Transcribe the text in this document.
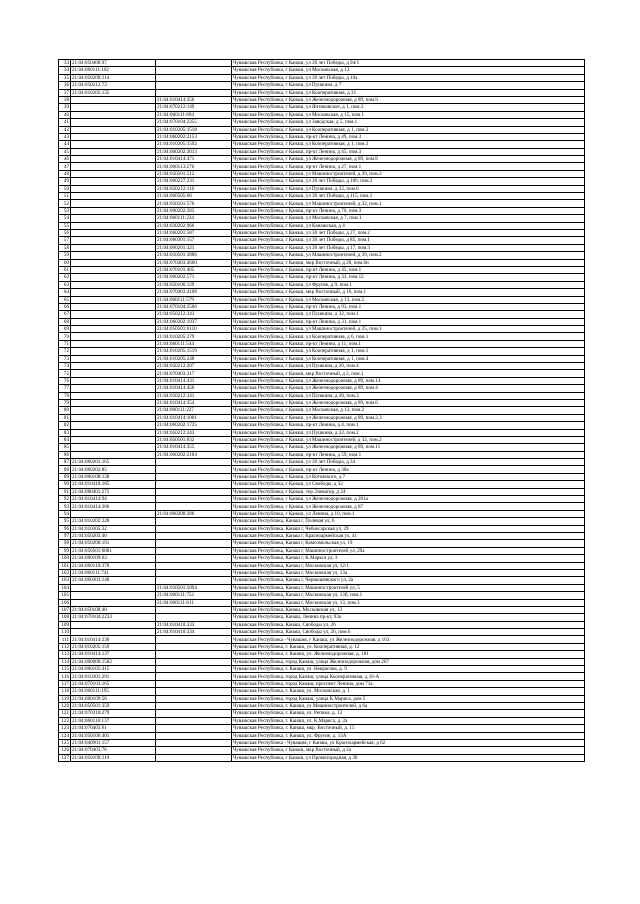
33	21:04:050408:97		Чувашская Республика, г Канаш, ул 30 лет Победы, д 94/1
34	21:04:060111:102		Чувашская Республика, г Канаш, ул Московская, д 13
35	21:04:050209:114		Чувашская Республика, г Канаш, ул 30 лет Победы, д 10а
36	21:04:050212:73		Чувашская Республика, г Канаш, ул Пушкина, д 7
37	21:04:010205:135		Чувашская Республика, г Канаш, ул Кооперативная, д 31
38		21:04:010414:356	Чувашская Республика, г Канаш, ул Железнодорожная, д 89, пом.9
39		21:04:070212:149	Чувашская Республика, г Канаш, ул Янтиковское, д 1, пом.3
40		21:04:060111:604	Чувашская Республика, г Канаш, ул Московская, д 15, пом.1
41		21:04:070104:2355	Чувашская Республика, г Канаш, ул Заводская, д 5, пом.1
42		21:04:010205:1518	Чувашская Республика, г Канаш, ул Кооперативная, д 1, пом.2
43		21:04:060202:2153	Чувашская Республика, г Канаш, пр-кт Ленина, д 49, пом.3
44		21:04:010205:1592	Чувашская Республика, г Канаш, ул Кооперативная, д 1, пом.3
45		21:04:060202:3013	Чувашская Республика, г Канаш, пр-кт Ленина, д 45, пом.3
46		21:04:010414:471	Чувашская Республика, г Канаш, ул Железнодорожная, д 89, пом.8
47		21:04:060113:276	Чувашская Республика, г Канаш, пр-кт Ленина, д 27, пом.1
48		21:04:050501:512	Чувашская Республика, г Канаш, ул Машиностроителей, д 39, пом.3
49		21:04:060227:231	Чувашская Республика, г Канаш, ул 30 лет Победы, д 106, пом.2
50		21:04:050212:116	Чувашская Республика, г Канаш, ул Пушкина, д 32, пом.6
51		21:04:060505:66	Чувашская Республика, г Канаш, ул 30 лет Победы, д 115, пом.1
52		21:04:050501:576	Чувашская Республика, г Канаш, ул Машиностроителей, д 32, пом.1
53		21:04:060202:283	Чувашская Республика, г Канаш, пр-кт Ленина, д 70, пом.3
54		21:04:060111:234	Чувашская Республика, г Канаш, ул Московская, д 7, пом.1
55		21:04:030202:966	Чувашская Республика, г Канаш, ул Канашская, д 4
56		21:04:060201:587	Чувашская Республика, г Канаш, ул 30 лет Победы, д 27, пом.2
57		21:04:060301:157	Чувашская Республика, г Канаш, ул 30 лет Победы, д 85, пом.1
58		21:04:060201:321	Чувашская Республика, г Канаш, ул 30 лет Победы, д 17, пом.3
59		21:04:050501:3886	Чувашская Республика, г Канаш, ул Машиностроителей, д 39, пом.2
60		21:04:070403:2660	Чувашская Республика, г Канаш, мкр Восточный, д 28, пом.6н
61		21:04:070101:405	Чувашская Республика, г Канаш, пр-кт Ленина, д 45, пом.1
62		21:04:060202:571	Чувашская Республика, г Канаш, пр-кт Ленина, д 33, пом.12
63		21:04:050106:129	Чувашская Республика, г Канаш, ул Фрунзе, д 9, пом.1
64		21:04:070403:4108	Чувашская Республика, г Канаш, мкр Восточный, д 16, пом.1
65		21:04:060111:579	Чувашская Республика, г Канаш, ул Московская, д 13, пом.2
66		21:04:070104:2506	Чувашская Республика, г Канаш, пр-кт Ленина, д 93, пом.1
67		21:04:050212:343	Чувашская Республика, г Канаш, ул Пушкина, д 32, пом.1
68		21:04:060202:1937	Чувашская Республика, г Канаш, пр-кт Ленина, д 31, пом.1
69		21:04:050501:6110	Чувашская Республика, г Канаш, ул Машиностроителей, д 25, пом.1
70		21:04:010205:279	Чувашская Республика, г Канаш, ул Кооперативная, д 6, пом.1
71		21:04:060111:544	Чувашская Республика, г Канаш, пр-кт Ленина, д 11, пом.1
72		21:04:010205:1519	Чувашская Республика, г Канаш, ул Кооперативная, д 1, пом.1
73		21:04:010205:248	Чувашская Республика, г Канаш, ул Кооперативная, д 1, пом.4
74		21:04:050212:207	Чувашская Республика, г Канаш, ул Пушкина, д 30, пом.4
75		21:04:070403:317	Чувашская Республика, г Канаш, мкр Восточный, д 2, пом.1
76		21:04:010414:431	Чувашская Республика, г Канаш, ул Железнодорожная, д 89, пом.14
77		21:04:010414:456	Чувашская Республика, г Канаш, ул Железнодорожная, д 89, пом.4
78		21:04:050212:341	Чувашская Республика, г Канаш, ул Пушкина, д 30, пом.3
79		21:04:010414:354	Чувашская Республика, г Канаш, ул Железнодорожная, д 89, пом.6
80		21:04:060111:227	Чувашская Республика, г Канаш, ул Московская, д 13, пом.2
81		21:04:010414:1001	Чувашская Республика, г Канаш, ул Железнодорожная, д 89, пом.2,3
82		21:04:060202:1725	Чувашская Республика, г Канаш, пр-кт Ленина, д 4, пом.1
83		21:04:050212:243	Чувашская Республика, г Канаш, ул Пушкина, д 32, пом.2
84		21:04:050501:832	Чувашская Республика, г Канаш, ул Машиностроителей, д 32, пом.2
85		21:04:010414:355	Чувашская Республика, г Канаш, ул Железнодорожная, д 89, пом.11
86		21:04:060202:2164	Чувашская Республика, г Канаш, пр-кт Ленина, д 59, пом.1
87	21:04:060201:165		Чувашская Республика, г Канаш, ул 30 лет Победы, д 34
88	21:04:060202:85		Чувашская Республика, г Канаш, пр-кт Ленина, д 38а
89	21:04:060108:138		Чувашская Республика, г Канаш, ул Котовского, д 7
90	21:04:010410:185		Чувашская Республика, г Канаш, ул Свободы, д 32
91	21:04:080401:275		Чувашская Республика, г Канаш, тер Элеватор, д 24
92	21:04:010414:94		Чувашская Республика, г Канаш, ул Железнодорожная, д 201а
93	21:04:010414:306		Чувашская Республика, г Канаш, ул Железнодорожная, д 87
94		21:04:060208:286	Чувашская Республика, г Канаш, ул Ленина, д 10, пом.1
95	21:04:010202:228		Чувашская Республика, Канаш г, Полевая ул, 6
96	21:04:010305:32		Чувашская Республика, Канаш г, Чебоксарская ул, 29
97	21:04:050203:40		Чувашская Республика, Канаш г, Красноармейская ул, 41
98	21:04:050208:191		Чувашская Республика, Канаш г, Комсомольская ул, 19
99	21:04:050501:6081		Чувашская Республика, Канаш г, Машиностроителей ул, 29а
100	21:04:060109:63		Чувашская Республика, Канаш г, К.Маркса ул, 3
101	21:04:060110:378		Чувашская Республика, Канаш г, Московская ул, 12/1
102	21:04:060111:741		Чувашская Республика, Канаш г, Московская ул, 13а
103	21:04:060303:148		Чувашская Республика, Канаш г, Чернышевского ул, 2а
104		21:04:050501:5094	Чувашская Республика, Канаш г, Машиностроителей ул, 5
105		21:04:060111:752	Чувашская Республика, Канаш г, Московская ул, 13б, пом.1
106		21:04:060111:611	Чувашская Республика, Канаш г, Московская ул, 13, пом.3
107	21:04:050108:48		Чувашская Республика, Канаш, Московская ул, 13
108	21:04:070104:2233		Чувашская Республика, Канаш, Ленина пр-кт, 93а
109		21:04:010410:333	Чувашская Республика, Канаш, Свободы ул, 26
110		21:04:010410:334	Чувашская Республика, Канаш, Свободы ул, 26, пом.6
111	21:04:010414:238		Чувашская Республика - Чувашия, г Канаш, ул Железнодорожная, д 163
112	21:04:010205:159		Чувашская Республика, г. Канаш, ул. Кооперативная, д. 12
113	21:04:010414:137		Чувашская Республика, г. Канаш, ул. Железнодорожная, д. 181
114	21:04:000000:1582		Чувашская Республика, город Канаш, улица Железнодорожная, дом 267
115	21:04:060105:415		Чувашская Республика, г. Канаш, ул. Некрасова, д. 9
116	21:04:010301:291		Чувашская Республика, город Канаш, улица Кооперативная, д.16-А
117	21:04:070103:165		Чувашская Республика, город Канаш, проспект Ленина, дом 71а
118	21:04:060111:195		Чувашская Республика, г. Канаш, ул. Московская, д. 1
119	21:04:060109:56		Чувашская Республика, город Канаш, улица К.Маркса, дом 5
120	21:04:050501:359		Чувашская Республика, г. Канаш, ул Машиностроителей, д 6а
121	21:04:070310:279		Чувашская Республика, г. Канаш, ул. Репина, д. 12
122	21:04:060116:137		Чувашская Республика, г. Канаш, ул. К.Маркса, д. 2а
123	21:04:070403:61		Чувашская Республика, г. Канаш, мкр. Восточный, д. 15
124	21:04:050106:401		Чувашская Республика, г. Канаш, ул. Фрунзе, д. 13А
125	21:04:040901:157		Чувашская Республика - Чувашия, г Канаш, ул Красноармейская, д 62
126	21:04:070403:76		Чувашская Республика, г Канаш, мкр Восточный, д 2а
127	21:04:050109:119		Чувашская Республика, г Канаш, ул Промотородная, д 30
